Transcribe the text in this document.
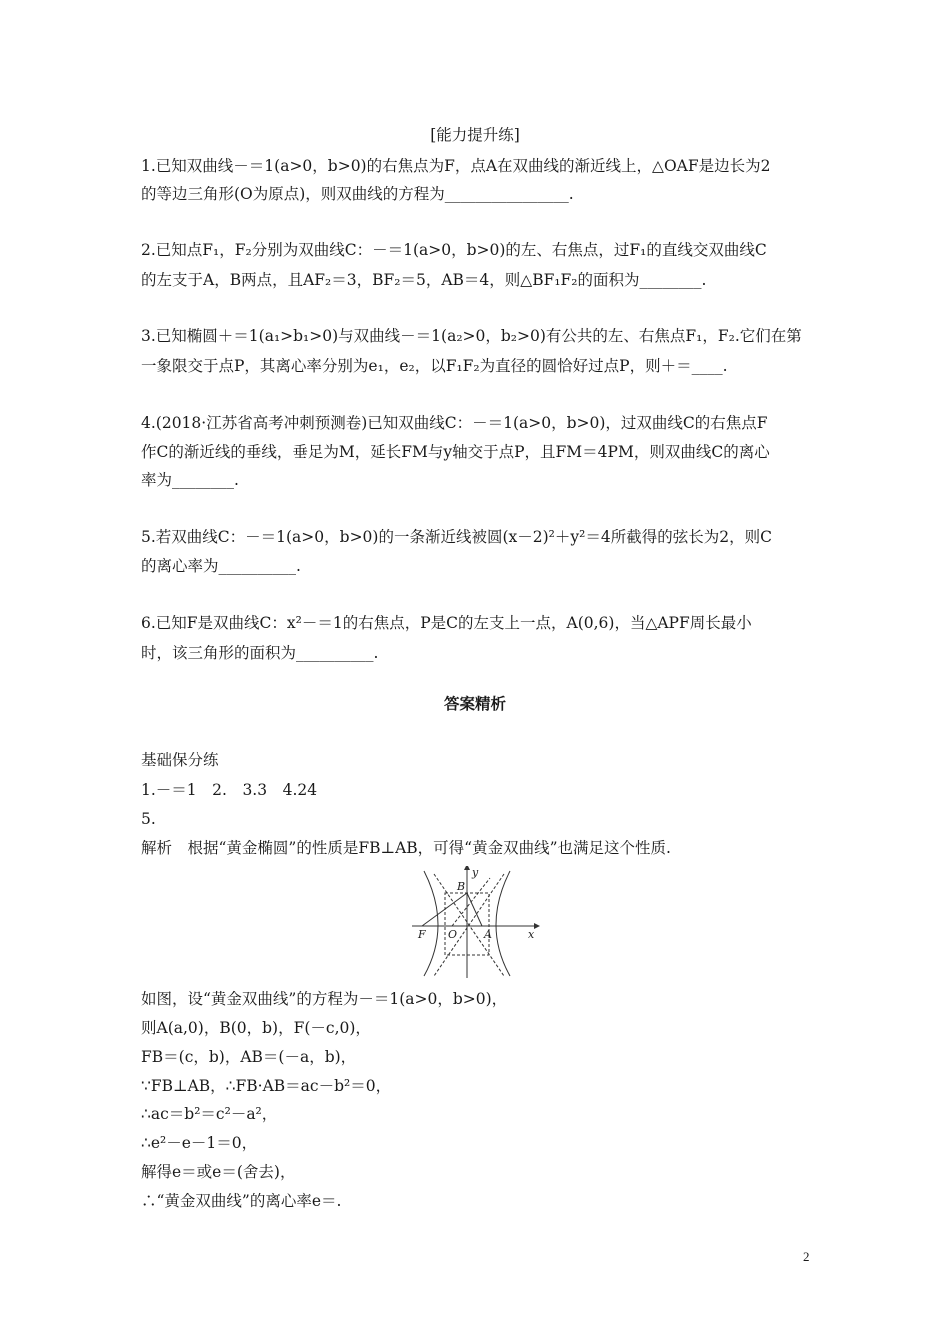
[能力提升练]
1.已知双曲线－＝1(a>0，b>0)的右焦点为F，点A在双曲线的渐近线上，△OAF是边长为2
的等边三角形(O为原点)，则双曲线的方程为________________.
2.已知点F₁，F₂分别为双曲线C：－＝1(a>0，b>0)的左、右焦点，过F₁的直线交双曲线C
的左支于A，B两点，且AF₂＝3，BF₂＝5，AB＝4，则△BF₁F₂的面积为________.
3.已知椭圆＋＝1(a₁>b₁>0)与双曲线－＝1(a₂>0，b₂>0)有公共的左、右焦点F₁，F₂.它们在第
一象限交于点P，其离心率分别为e₁，e₂，以F₁F₂为直径的圆恰好过点P，则＋＝____.
4.(2018·江苏省高考冲刺预测卷)已知双曲线C：－＝1(a>0，b>0)，过双曲线C的右焦点F
作C的渐近线的垂线，垂足为M，延长FM与y轴交于点P，且FM＝4PM，则双曲线C的离心
率为________.
5.若双曲线C：－＝1(a>0，b>0)的一条渐近线被圆(x－2)²＋y²＝4所截得的弦长为2，则C
的离心率为__________.
6.已知F是双曲线C：x²－＝1的右焦点，P是C的左支上一点，A(0,6)，当△APF周长最小
时，该三角形的面积为__________.
答案精析
基础保分练
1.－＝1　2.　3.3　4.24
5.
解析　根据“黄金椭圆”的性质是FB⊥AB，可得“黄金双曲线”也满足这个性质.
y
B
F O A	x
如图，设“黄金双曲线”的方程为－＝1(a>0，b>0)，
则A(a,0)，B(0，b)，F(－c,0)，
FB＝(c，b)，AB＝(－a，b)，
∵FB⊥AB，∴FB·AB＝ac－b²＝0，
∴ac＝b²＝c²－a²，
∴e²－e－1＝0，
解得e＝或e＝(舍去)，
∴“黄金双曲线”的离心率e＝.
2
